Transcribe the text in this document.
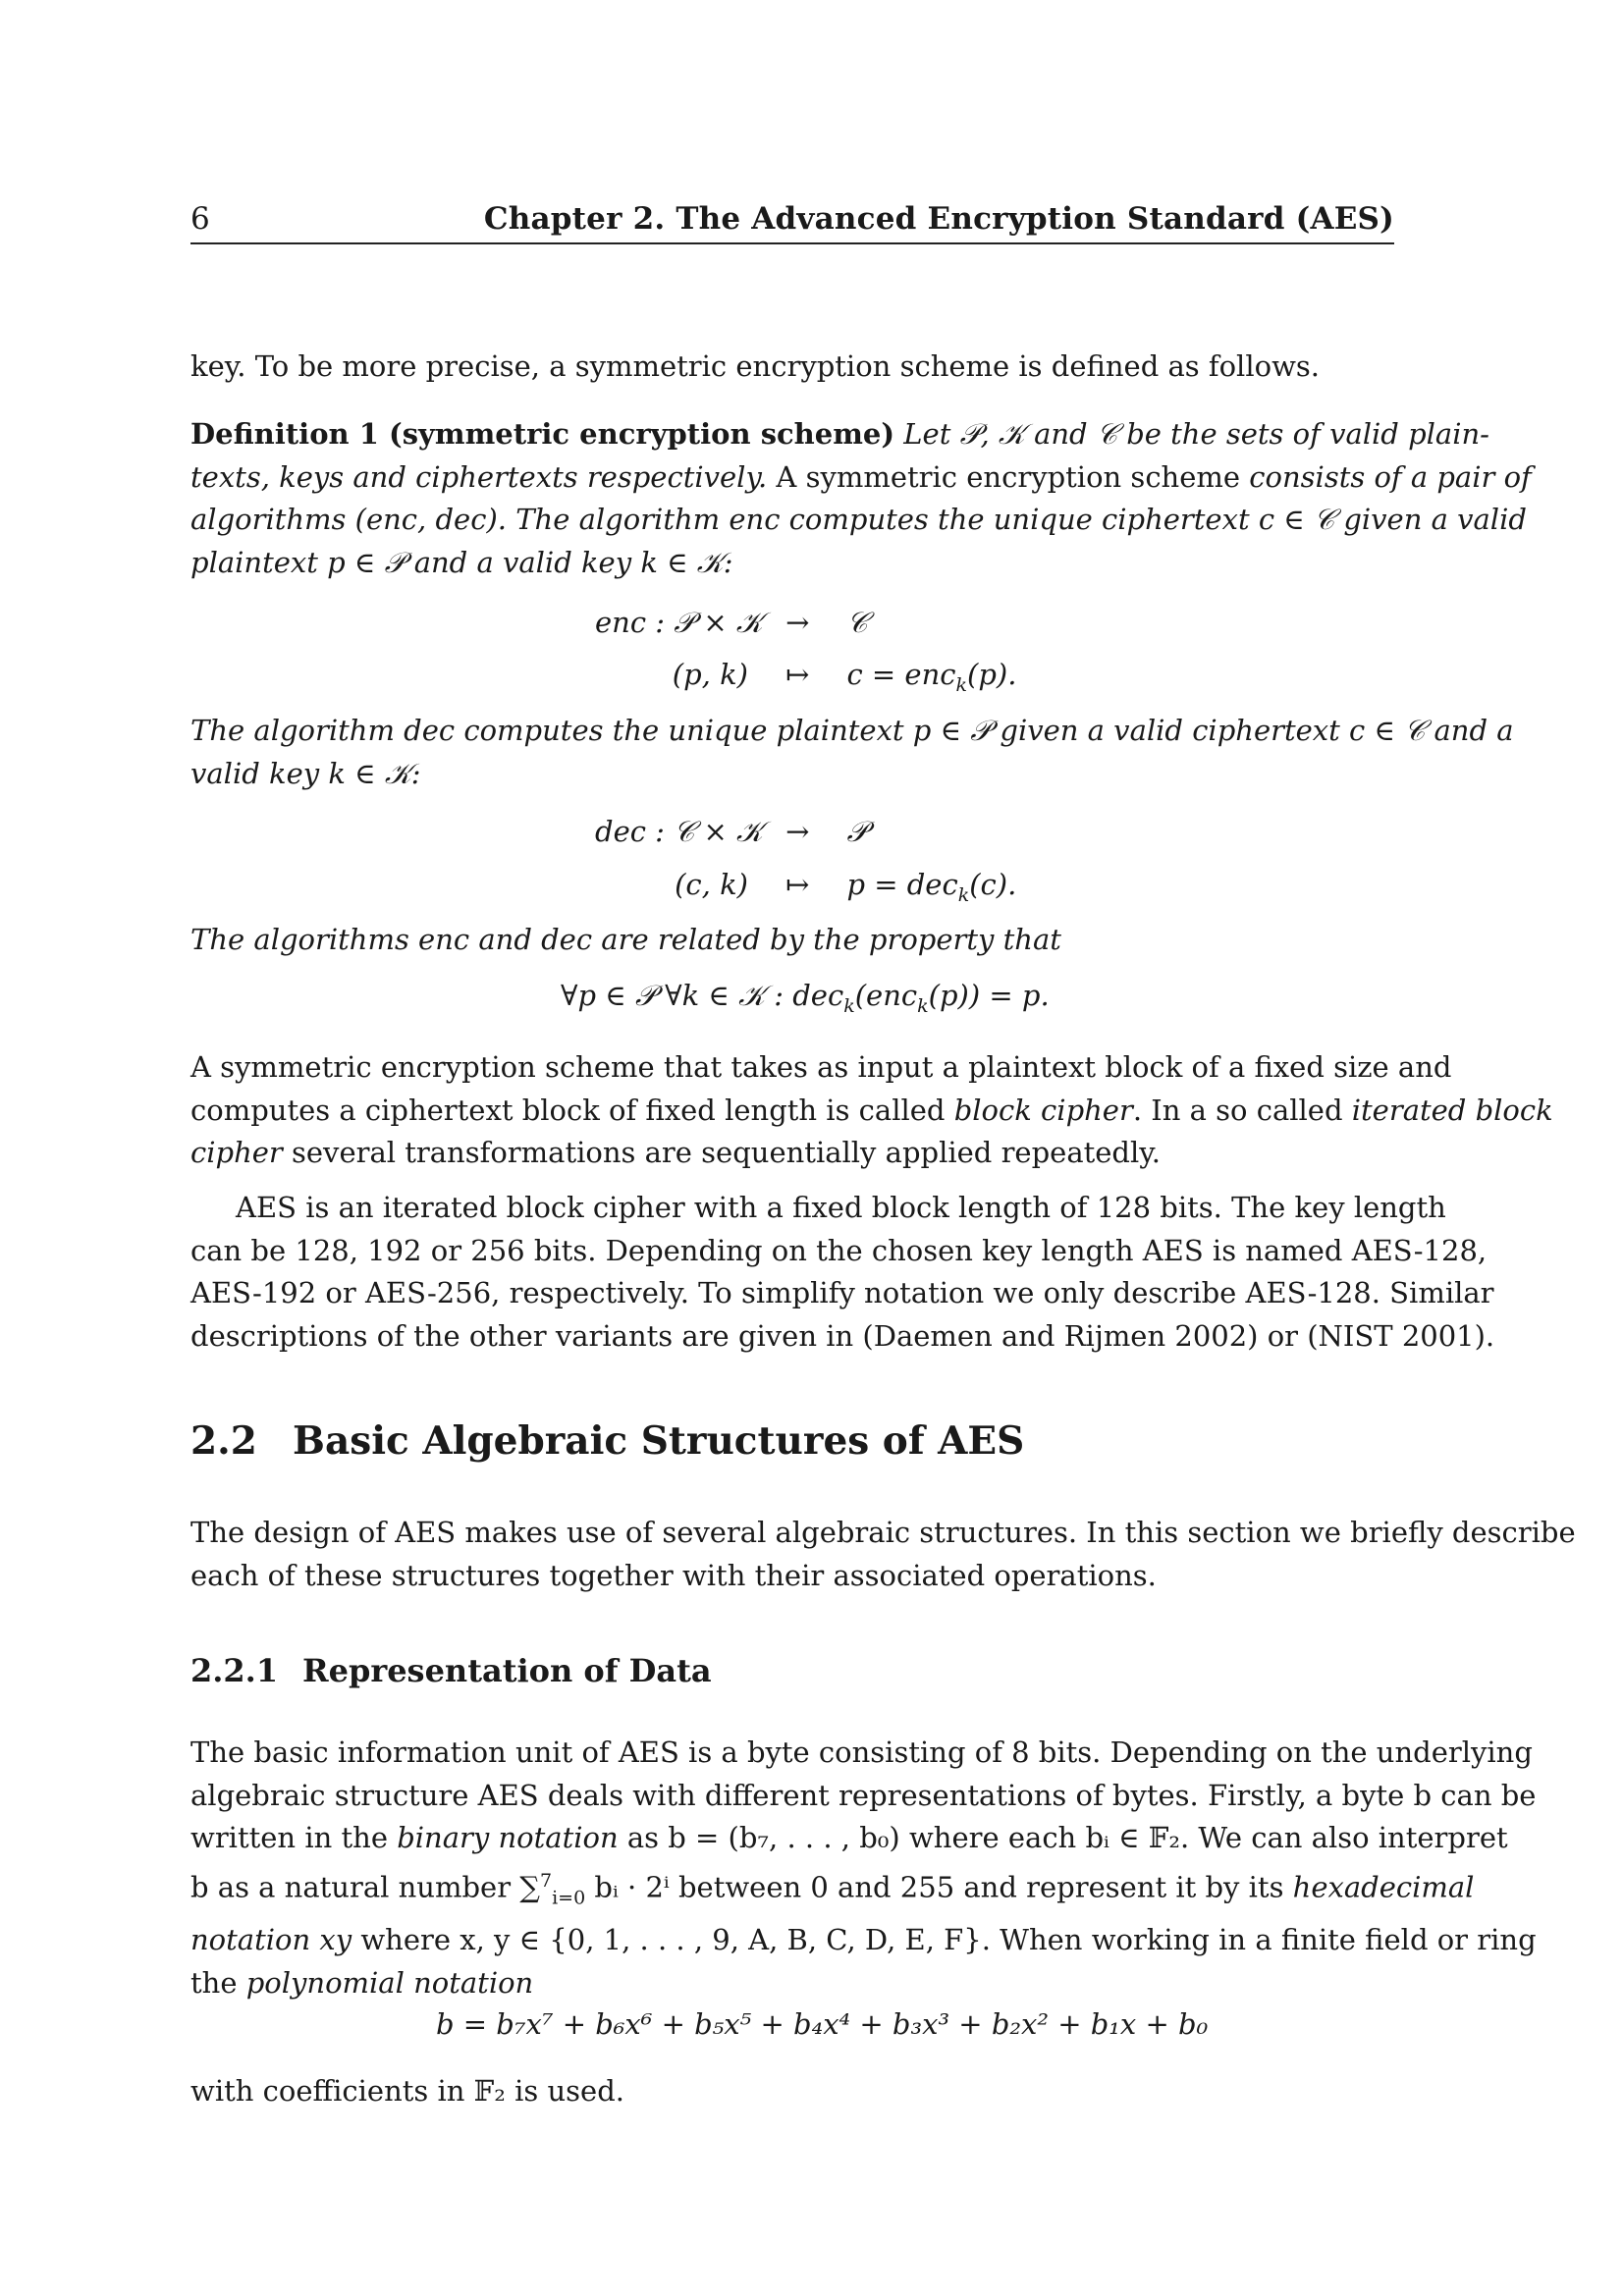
6	Chapter 2. The Advanced Encryption Standard (AES)
key. To be more precise, a symmetric encryption scheme is defined as follows.
Definition 1 (symmetric encryption scheme) Let 𝒫, 𝒦 and 𝒞 be the sets of valid plain-
texts, keys and ciphertexts respectively. A symmetric encryption scheme consists of a pair of
algorithms (enc, dec). The algorithm enc computes the unique ciphertext c ∈ 𝒞 given a valid
plaintext p ∈ 𝒫 and a valid key k ∈ 𝒦:
enc : 𝒫 × 𝒦 → 𝒞
(p, k) ↦ c = enc$_k$(p).
The algorithm dec computes the unique plaintext p ∈ 𝒫 given a valid ciphertext c ∈ 𝒞 and a
valid key k ∈ 𝒦:
dec : 𝒞 × 𝒦 → 𝒫
(c, k) ↦ p = dec$_k$(c).
The algorithms enc and dec are related by the property that
∀p ∈ 𝒫 ∀k ∈ 𝒦 : dec$_k$(enc$_k$(p)) = p.
A symmetric encryption scheme that takes as input a plaintext block of a fixed size and
computes a ciphertext block of fixed length is called block cipher. In a so called iterated block
cipher several transformations are sequentially applied repeatedly.
AES is an iterated block cipher with a fixed block length of 128 bits. The key length
can be 128, 192 or 256 bits. Depending on the chosen key length AES is named AES-128,
AES-192 or AES-256, respectively. To simplify notation we only describe AES-128. Similar
descriptions of the other variants are given in (Daemen and Rijmen 2002) or (NIST 2001).
2.2 Basic Algebraic Structures of AES
The design of AES makes use of several algebraic structures. In this section we briefly describe
each of these structures together with their associated operations.
2.2.1 Representation of Data
The basic information unit of AES is a byte consisting of 8 bits. Depending on the underlying
algebraic structure AES deals with different representations of bytes. Firstly, a byte b can be
written in the binary notation as b = (b₇, . . . , b₀) where each bᵢ ∈ 𝔽₂. We can also interpret
b as a natural number ∑$^7_{i=0}$ bᵢ · 2ⁱ between 0 and 255 and represent it by its hexadecimal
notation xy where x, y ∈ {0, 1, . . . , 9, A, B, C, D, E, F}. When working in a finite field or ring
the polynomial notation
b = b₇x⁷ + b₆x⁶ + b₅x⁵ + b₄x⁴ + b₃x³ + b₂x² + b₁x + b₀
with coefficients in 𝔽₂ is used.
